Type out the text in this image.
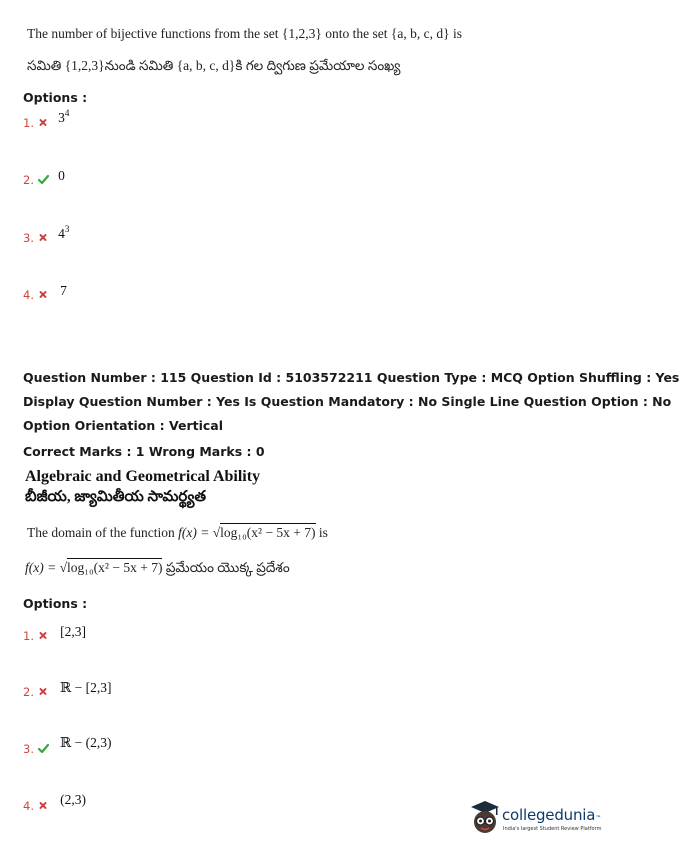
The number of bijective functions from the set {1,2,3} onto the set {a, b, c, d} is
సమితి {1,2,3}నుండి సమితి {a, b, c, d}కి గల ద్విగుణ ప్రమేయాల సంఖ్య
Options :
1. $^{3^4}$
2. $^0$
3. $^{4^3}$
4. $^7$
Question Number : 115 Question Id : 5103572211 Question Type : MCQ Option Shuffling : Yes
Display Question Number : Yes Is Question Mandatory : No Single Line Question Option : No
Option Orientation : Vertical
Correct Marks : 1 Wrong Marks : 0
Algebraic and Geometrical Ability
బీజీయ, జ్యామితీయ సామర్థ్యత
The domain of the function f(x) = √log₁₀(x² − 5x + 7) is
f(x) = √log₁₀(x² − 5x + 7) ప్రమేయం యొక్క ప్రదేశం
Options :
1. [2,3]
2. $^{ℝ - [2,3]}$
3. $^{ℝ - (2,3)}$
4. $^{(2,3)}$
collegedunia™
India's largest Student Review Platform
